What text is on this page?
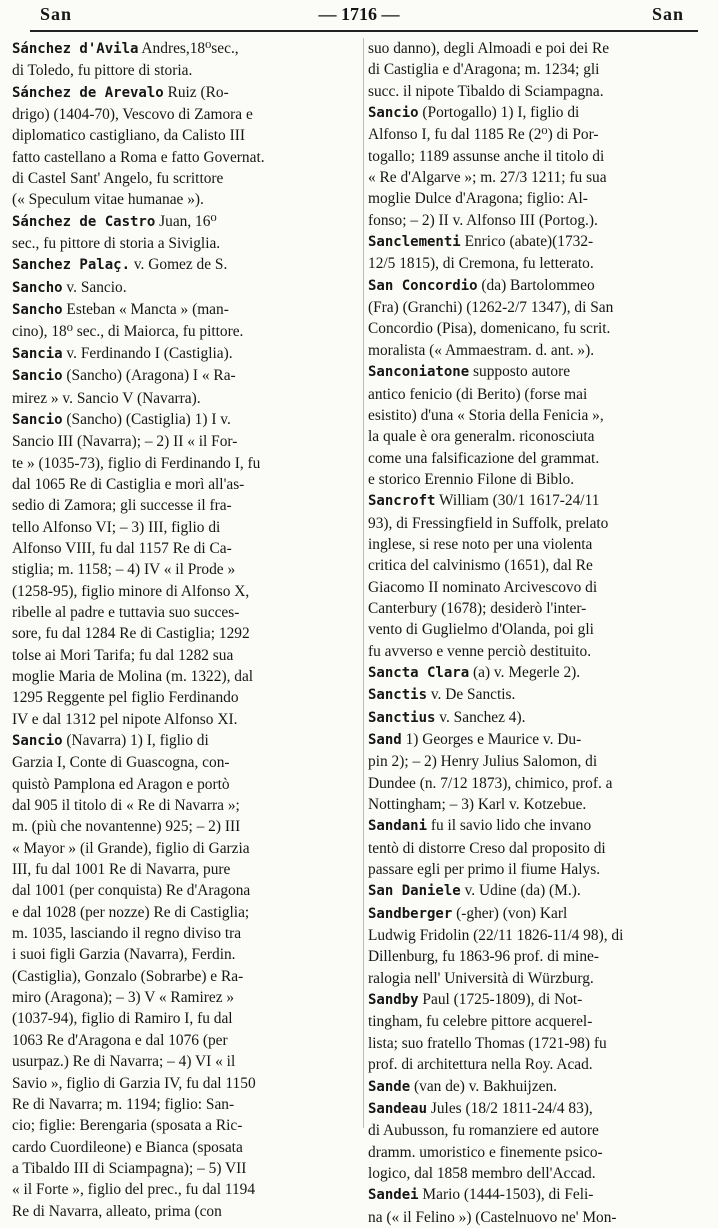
San	— 1716 —	San
Sánchez d'Avila Andres,18⁰sec.,
di Toledo, fu pittore di storia.
Sánchez de Arevalo Ruiz (Ro-
drigo) (1404-70), Vescovo di Zamora e
diplomatico castigliano, da Calisto III
fatto castellano a Roma e fatto Governat.
di Castel Sant' Angelo, fu scrittore
(« Speculum vitae humanae »).
Sánchez de Castro Juan, 16⁰
sec., fu pittore di storia a Siviglia.
Sanchez Palaç. v. Gomez de S.
Sancho v. Sancio.
Sancho Esteban « Mancta » (man-
cino), 18⁰ sec., di Maiorca, fu pittore.
Sancia v. Ferdinando I (Castiglia).
Sancio (Sancho) (Aragona) I « Ra-
mirez » v. Sancio V (Navarra).
Sancio (Sancho) (Castiglia) 1) I v.
Sancio III (Navarra); – 2) II « il For-
te » (1035-73), figlio di Ferdinando I, fu
dal 1065 Re di Castiglia e morì all'as-
sedio di Zamora; gli successe il fra-
tello Alfonso VI; – 3) III, figlio di
Alfonso VIII, fu dal 1157 Re di Ca-
stiglia; m. 1158; – 4) IV « il Prode »
(1258-95), figlio minore di Alfonso X,
ribelle al padre e tuttavia suo succes-
sore, fu dal 1284 Re di Castiglia; 1292
tolse ai Mori Tarifa; fu dal 1282 sua
moglie Maria de Molina (m. 1322), dal
1295 Reggente pel figlio Ferdinando
IV e dal 1312 pel nipote Alfonso XI.
Sancio (Navarra) 1) I, figlio di
Garzia I, Conte di Guascogna, con-
quistò Pamplona ed Aragon e portò
dal 905 il titolo di « Re di Navarra »;
m. (più che novantenne) 925; – 2) III
« Mayor » (il Grande), figlio di Garzia
III, fu dal 1001 Re di Navarra, pure
dal 1001 (per conquista) Re d'Aragona
e dal 1028 (per nozze) Re di Castiglia;
m. 1035, lasciando il regno diviso tra
i suoi figli Garzia (Navarra), Ferdin.
(Castiglia), Gonzalo (Sobrarbe) e Ra-
miro (Aragona); – 3) V « Ramirez »
(1037-94), figlio di Ramiro I, fu dal
1063 Re d'Aragona e dal 1076 (per
usurpaz.) Re di Navarra; – 4) VI « il
Savio », figlio di Garzia IV, fu dal 1150
Re di Navarra; m. 1194; figlio: San-
cio; figlie: Berengaria (sposata a Ric-
cardo Cuordileone) e Bianca (sposata
a Tibaldo III di Sciampagna); – 5) VII
« il Forte », figlio del prec., fu dal 1194
Re di Navarra, alleato, prima (con
suo danno), degli Almoadi e poi dei Re
di Castiglia e d'Aragona; m. 1234; gli
succ. il nipote Tibaldo di Sciampagna.
Sancio (Portogallo) 1) I, figlio di
Alfonso I, fu dal 1185 Re (2⁰) di Por-
togallo; 1189 assunse anche il titolo di
« Re d'Algarve »; m. 27/3 1211; fu sua
moglie Dulce d'Aragona; figlio: Al-
fonso; – 2) II v. Alfonso III (Portog.).
Sanclementi Enrico (abate)(1732-
12/5 1815), di Cremona, fu letterato.
San Concordio (da) Bartolommeo
(Fra) (Granchi) (1262-2/7 1347), di San
Concordio (Pisa), domenicano, fu scrit.
moralista (« Ammaestram. d. ant. »).
Sanconiatone supposto autore
antico fenicio (di Berito) (forse mai
esistito) d'una « Storia della Fenicia »,
la quale è ora generalm. riconosciuta
come una falsificazione del grammat.
e storico Erennio Filone di Biblo.
Sancroft William (30/1 1617-24/11
93), di Fressingfield in Suffolk, prelato
inglese, si rese noto per una violenta
critica del calvinismo (1651), dal Re
Giacomo II nominato Arcivescovo di
Canterbury (1678); desiderò l'inter-
vento di Guglielmo d'Olanda, poi gli
fu avverso e venne perciò destituito.
Sancta Clara (a) v. Megerle 2).
Sanctis v. De Sanctis.
Sanctius v. Sanchez 4).
Sand 1) Georges e Maurice v. Du-
pin 2); – 2) Henry Julius Salomon, di
Dundee (n. 7/12 1873), chimico, prof. a
Nottingham; – 3) Karl v. Kotzebue.
Sandani fu il savio lido che invano
tentò di distorre Creso dal proposito di
passare egli per primo il fiume Halys.
San Daniele v. Udine (da) (M.).
Sandberger (-gher) (von) Karl
Ludwig Fridolin (22/11 1826-11/4 98), di
Dillenburg, fu 1863-96 prof. di mine-
ralogia nell' Università di Würzburg.
Sandby Paul (1725-1809), di Not-
tingham, fu celebre pittore acquerel-
lista; suo fratello Thomas (1721-98) fu
prof. di architettura nella Roy. Acad.
Sande (van de) v. Bakhuijzen.
Sandeau Jules (18/2 1811-24/4 83),
di Aubusson, fu romanziere ed autore
dramm. umoristico e finemente psico-
logico, dal 1858 membro dell'Accad.
Sandei Mario (1444-1503), di Feli-
na (« il Felino ») (Castelnuovo ne' Mon-
